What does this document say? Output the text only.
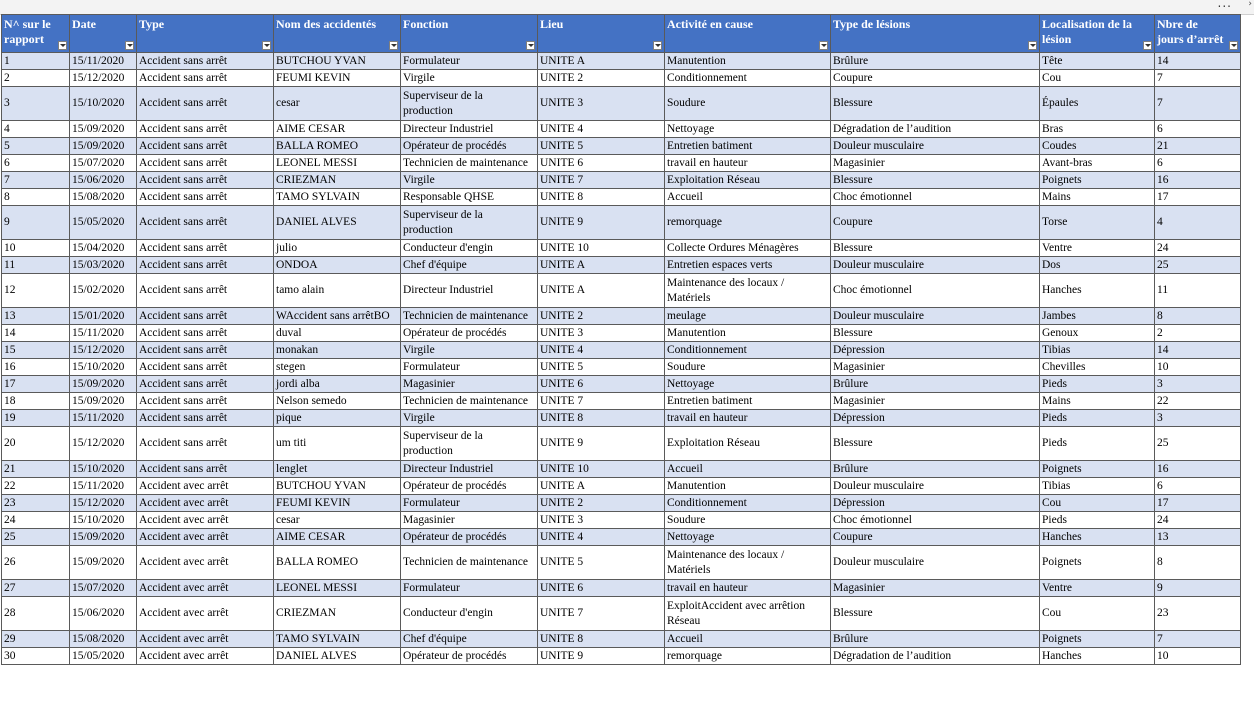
... ›
N^ sur le rapport	Date	Type	Nom des accidentés	Fonction	Lieu	Activité en cause	Type de lésions	Localisation de la lésion	Nbre de jours d’arrêt

1	15/11/2020	Accident sans arrêt	BUTCHOU YVAN	Formulateur	UNITE A	Manutention	Brûlure	Tête	14
2	15/12/2020	Accident sans arrêt	FEUMI KEVIN	Virgile	UNITE 2	Conditionnement	Coupure	Cou	7
3	15/10/2020	Accident sans arrêt	cesar	Superviseur de la production	UNITE 3	Soudure	Blessure	Épaules	7
4	15/09/2020	Accident sans arrêt	AIME CESAR	Directeur Industriel	UNITE 4	Nettoyage	Dégradation de l’audition	Bras	6
5	15/09/2020	Accident sans arrêt	BALLA ROMEO	Opérateur de procédés	UNITE 5	Entretien batiment	Douleur musculaire	Coudes	21
6	15/07/2020	Accident sans arrêt	LEONEL MESSI	Technicien de maintenance	UNITE 6	travail en hauteur	Magasinier	Avant-bras	6
7	15/06/2020	Accident sans arrêt	CRIEZMAN	Virgile	UNITE 7	Exploitation Réseau	Blessure	Poignets	16
8	15/08/2020	Accident sans arrêt	TAMO SYLVAIN	Responsable QHSE	UNITE 8	Accueil	Choc émotionnel	Mains	17
9	15/05/2020	Accident sans arrêt	DANIEL ALVES	Superviseur de la production	UNITE 9	remorquage	Coupure	Torse	4
10	15/04/2020	Accident sans arrêt	julio	Conducteur d'engin	UNITE 10	Collecte Ordures Ménagères	Blessure	Ventre	24
11	15/03/2020	Accident sans arrêt	ONDOA	Chef d'équipe	UNITE A	Entretien espaces verts	Douleur musculaire	Dos	25
12	15/02/2020	Accident sans arrêt	tamo alain	Directeur Industriel	UNITE A	Maintenance des locaux / Matériels	Choc émotionnel	Hanches	11
13	15/01/2020	Accident sans arrêt	WAccident sans arrêtBO	Technicien de maintenance	UNITE 2	meulage	Douleur musculaire	Jambes	8
14	15/11/2020	Accident sans arrêt	duval	Opérateur de procédés	UNITE 3	Manutention	Blessure	Genoux	2
15	15/12/2020	Accident sans arrêt	monakan	Virgile	UNITE 4	Conditionnement	Dépression	Tibias	14
16	15/10/2020	Accident sans arrêt	stegen	Formulateur	UNITE 5	Soudure	Magasinier	Chevilles	10
17	15/09/2020	Accident sans arrêt	jordi alba	Magasinier	UNITE 6	Nettoyage	Brûlure	Pieds	3
18	15/09/2020	Accident sans arrêt	Nelson semedo	Technicien de maintenance	UNITE 7	Entretien batiment	Magasinier	Mains	22
19	15/11/2020	Accident sans arrêt	pique	Virgile	UNITE 8	travail en hauteur	Dépression	Pieds	3
20	15/12/2020	Accident sans arrêt	um titi	Superviseur de la production	UNITE 9	Exploitation Réseau	Blessure	Pieds	25
21	15/10/2020	Accident sans arrêt	lenglet	Directeur Industriel	UNITE 10	Accueil	Brûlure	Poignets	16
22	15/11/2020	Accident avec arrêt	BUTCHOU YVAN	Opérateur de procédés	UNITE A	Manutention	Douleur musculaire	Tibias	6
23	15/12/2020	Accident avec arrêt	FEUMI KEVIN	Formulateur	UNITE 2	Conditionnement	Dépression	Cou	17
24	15/10/2020	Accident avec arrêt	cesar	Magasinier	UNITE 3	Soudure	Choc émotionnel	Pieds	24
25	15/09/2020	Accident avec arrêt	AIME CESAR	Opérateur de procédés	UNITE 4	Nettoyage	Coupure	Hanches	13
26	15/09/2020	Accident avec arrêt	BALLA ROMEO	Technicien de maintenance	UNITE 5	Maintenance des locaux / Matériels	Douleur musculaire	Poignets	8
27	15/07/2020	Accident avec arrêt	LEONEL MESSI	Formulateur	UNITE 6	travail en hauteur	Magasinier	Ventre	9
28	15/06/2020	Accident avec arrêt	CRIEZMAN	Conducteur d'engin	UNITE 7	ExploitAccident avec arrêtion Réseau	Blessure	Cou	23
29	15/08/2020	Accident avec arrêt	TAMO SYLVAIN	Chef d'équipe	UNITE 8	Accueil	Brûlure	Poignets	7
30	15/05/2020	Accident avec arrêt	DANIEL ALVES	Opérateur de procédés	UNITE 9	remorquage	Dégradation de l’audition	Hanches	10
